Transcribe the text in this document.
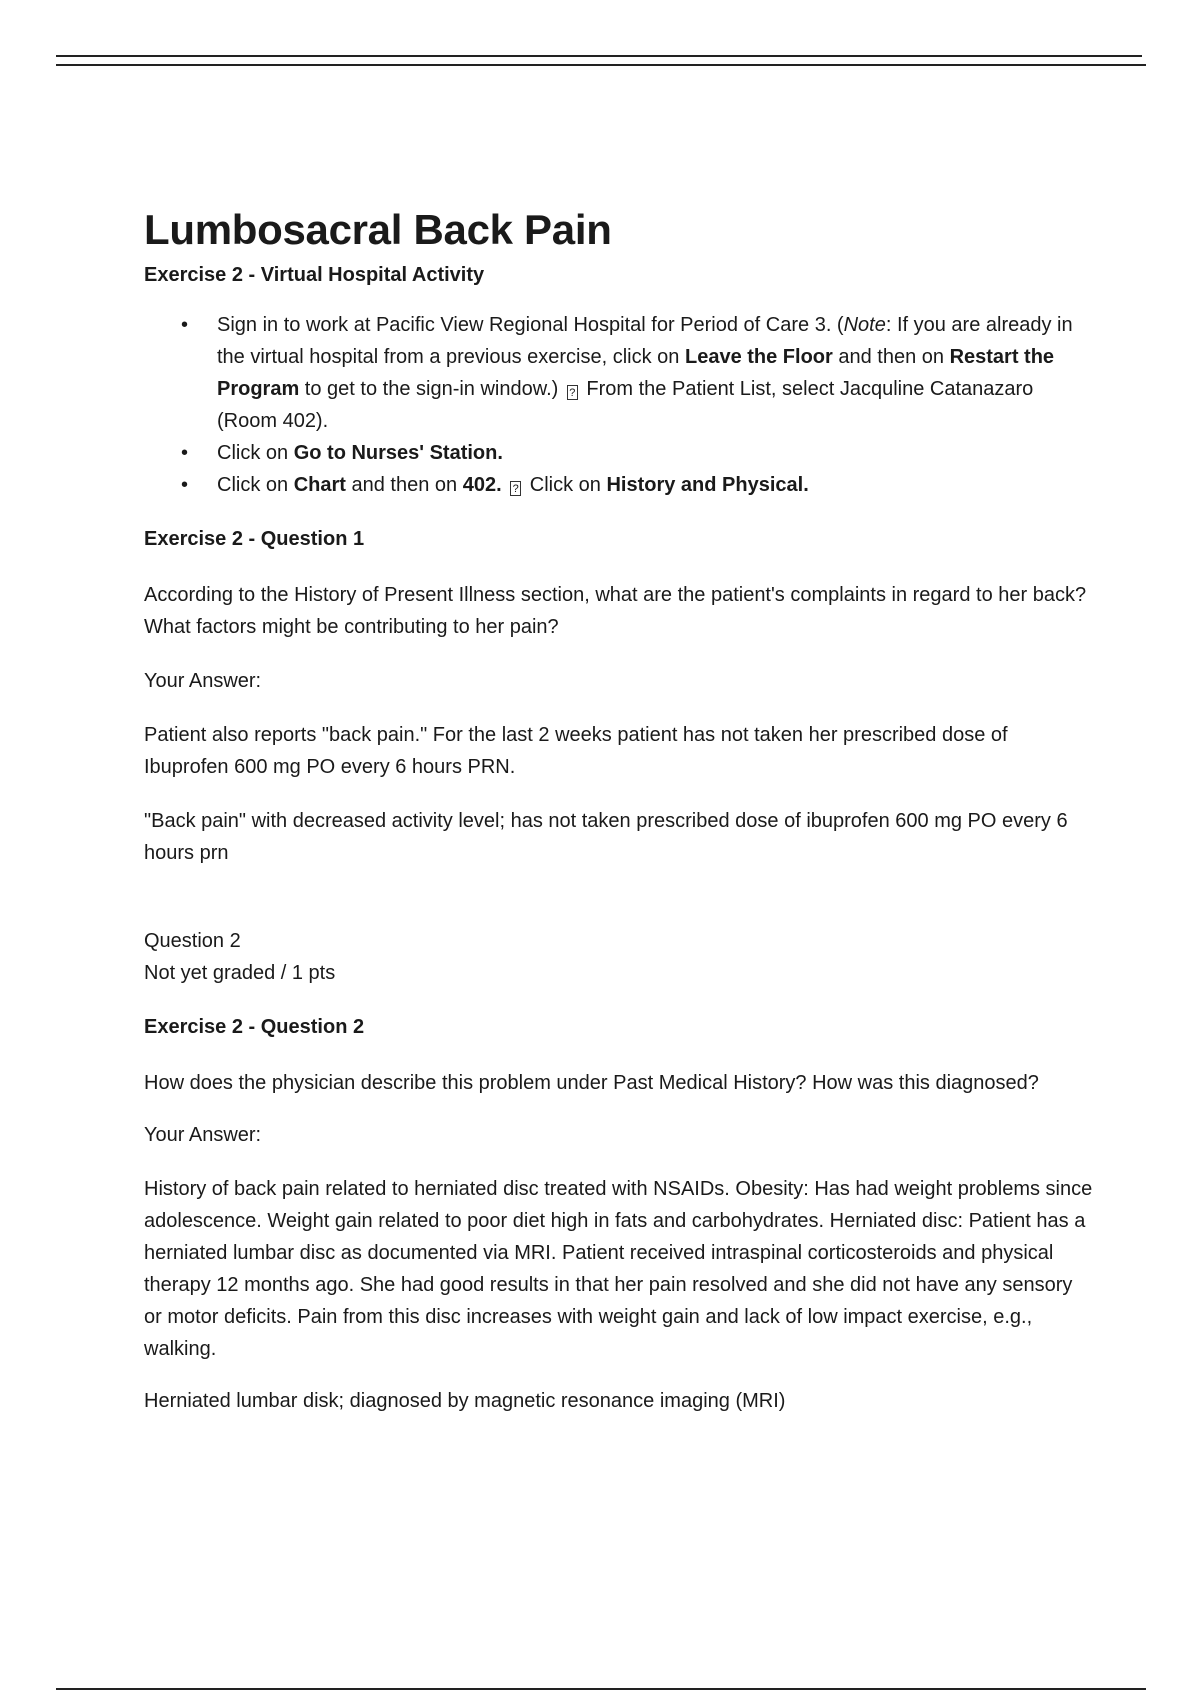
Lumbosacral Back Pain

Exercise 2 - Virtual Hospital Activity

• Sign in to work at Pacific View Regional Hospital for Period of Care 3. (Note: If you are already in the virtual hospital from a previous exercise, click on Leave the Floor and then on Restart the Program to get to the sign-in window.) ? From the Patient List, select Jacquline Catanazaro (Room 402).
• Click on Go to Nurses' Station.
• Click on Chart and then on 402. ? Click on History and Physical.

Exercise 2 - Question 1

According to the History of Present Illness section, what are the patient's complaints in regard to her back? What factors might be contributing to her pain?

Your Answer:

Patient also reports "back pain." For the last 2 weeks patient has not taken her prescribed dose of Ibuprofen 600 mg PO every 6 hours PRN.

"Back pain" with decreased activity level; has not taken prescribed dose of ibuprofen 600 mg PO every 6 hours prn

Question 2

Not yet graded / 1 pts

Exercise 2 - Question 2

How does the physician describe this problem under Past Medical History? How was this diagnosed?

Your Answer:

History of back pain related to herniated disc treated with NSAIDs. Obesity: Has had weight problems since adolescence. Weight gain related to poor diet high in fats and carbohydrates. Herniated disc: Patient has a herniated lumbar disc as documented via MRI. Patient received intraspinal corticosteroids and physical therapy 12 months ago. She had good results in that her pain resolved and she did not have any sensory or motor deficits. Pain from this disc increases with weight gain and lack of low impact exercise, e.g., walking.

Herniated lumbar disk; diagnosed by magnetic resonance imaging (MRI)
